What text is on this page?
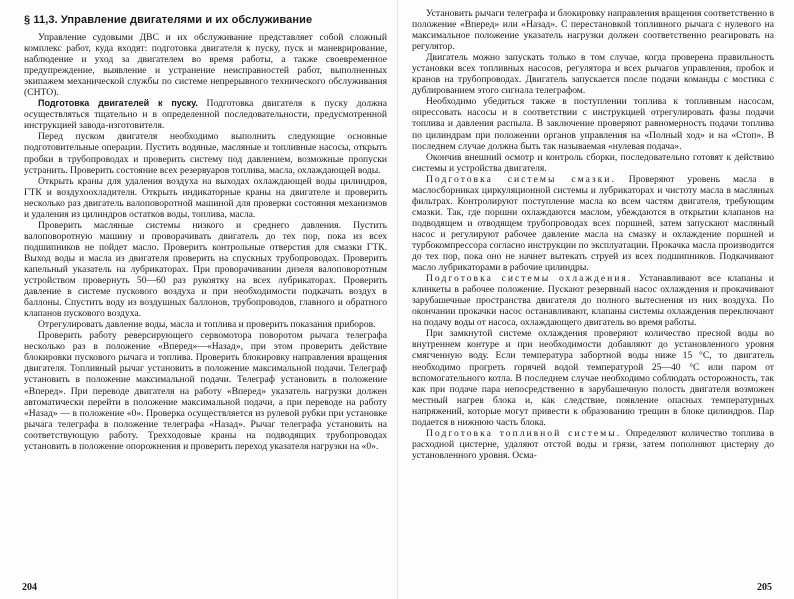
§ 11,3. Управление двигателями и их обслуживание

Управление судовыми ДВС и их обслуживание представляет собой сложный комплекс работ, куда входят: подготовка двигателя к пуску, пуск и маневрирование, наблюдение и уход за двигателем во время работы, а также своевременное предупреждение, выявление и устранение неисправностей работ, выполненных экипажем механической службы по системе непрерывного технического обслуживания (СНТО).

Подготовка двигателей к пуску. Подготовка двигателя к пуску должна осуществляться тщательно и в определенной последовательности, предусмотренной инструкцией завода-изготовителя.

Перед пуском двигателя необходимо выполнить следующие основные подготовительные операции. Пустить водяные, масляные и топливные насосы, открыть пробки в трубопроводах и проверить систему под давлением, возможные пропуски устранить. Проверить состояние всех резервуаров топлива, масла, охлаждающей воды.

Открыть краны для удаления воздуха на выходах охлаждающей воды цилиндров, ГТК и воздухоохладителя. Открыть индикаторные краны на двигателе и проверить несколько раз двигатель валоповоротной машиной для проверки состояния механизмов и удаления из цилиндров остатков воды, топлива, масла.

Проверить масляные системы низкого и среднего давления. Пустить валоповоротную машину и проворачивать двигатель до тех пор, пока из всех подшипников не пойдет масло. Проверить контрольные отверстия для смазки ГТК. Выход воды и масла из двигателя проверить на спускных трубопроводах. Проверить капельный указатель на лубрикаторах. При проворачивании дизеля валоповоротным устройством провернуть 50—60 раз рукоятку на всех лубрикаторах. Проверить давление в системе пускового воздуха и при необходимости подкачать воздух в баллоны. Спустить воду из воздушных баллонов, трубопроводов, главного и обратного клапанов пускового воздуха.

Отрегулировать давление воды, масла и топлива и проверить показания приборов.

Проверить работу реверсирующего сервомотора поворотом рычага телеграфа несколько раз в положение «Вперед»—«Назад», при этом проверить действие блокировки пускового рычага и топлива. Проверить блокировку направления вращения двигателя. Топливный рычаг установить в положение максимальной подачи. Телеграф установить в положение максимальной подачи. Телеграф установить в положение «Вперед». При переводе двигателя на работу «Вперед» указатель нагрузки должен автоматически перейти в положение максимальной подачи, а при переводе на работу «Назад» — в положение «0». Проверка осуществляется из рулевой рубки при установке рычага телеграфа в положение телеграфа «Назад». Рычаг телеграфа установить на соответствующую работу. Трехходовые краны на подводящих трубопроводах установить в положение опорожнения и проверить переход указателя нагрузки на «0».

204

Установить рычаги телеграфа и блокировку направления вращения соответственно в положение «Вперед» или «Назад». С перестановкой топливного рычага с нулевого на максимальное положение указатель нагрузки должен соответственно реагировать на регулятор.

Двигатель можно запускать только в том случае, когда проверена правильность установки всех топливных насосов, регулятора и всех рычагов управления, пробок и кранов на трубопроводах. Двигатель запускается после подачи команды с мостика с дублированием этого сигнала телеграфом.

Необходимо убедиться также в поступлении топлива к топливным насосам, опрессовать насосы и в соответствии с инструкцией отрегулировать фазы подачи топлива и давления распыла. В заключение проверяют равномерность подачи топлива по цилиндрам при положении органов управления на «Полный ход» и на «Стоп». В последнем случае должна быть так называемая «нулевая подача».

Окончив внешний осмотр и контроль сборки, последовательно готовят к действию системы и устройства двигателя.

Подготовка системы смазки. Проверяют уровень масла в маслосборниках циркуляционной системы и лубрикаторах и чистоту масла в масляных фильтрах. Контролируют поступление масла ко всем частям двигателя, требующим смазки. Так, где поршни охлаждаются маслом, убеждаются в открытии клапанов на подводящем и отводящем трубопроводах всех поршней, затем запускают масляный насос и регулируют рабочее давление масла на смазку и охлаждение поршней и турбокомпрессора согласно инструкции по эксплуатации. Прокачка масла производится до тех пор, пока оно не начнет вытекать струей из всех подшипников. Подкачивают масло лубрикаторами в рабочие цилиндры.

Подготовка системы охлаждения. Устанавливают все клапаны и клинкеты в рабочее положение. Пускают резервный насос охлаждения и прокачивают зарубашечные пространства двигателя до полного вытеснения из них воздуха. По окончании прокачки насос останавливают, клапаны системы охлаждения переключают на подачу воды от насоса, охлаждающего двигатель во время работы.

При замкнутой системе охлаждения проверяют количество пресной воды во внутреннем контуре и при необходимости добавляют до установленного уровня смягченную воду. Если температура забортной воды ниже 15 °С, то двигатель необходимо прогреть горячей водой температурой 25—40 °С или паром от вспомогательного котла. В последнем случае необходимо соблюдать осторожность, так как при подаче пара непосредственно в зарубашечную полость двигателя возможен местный нагрев блока и, как следствие, появление опасных температурных напряжений, которые могут привести к образованию трещин в блоке цилиндров. Пар подается в нижнюю часть блока.

Подготовка топливной системы. Определяют количество топлива в расходной цистерне, удаляют отстой воды и грязи, затем пополняют цистерну до установленного уровня. Осма-

205
